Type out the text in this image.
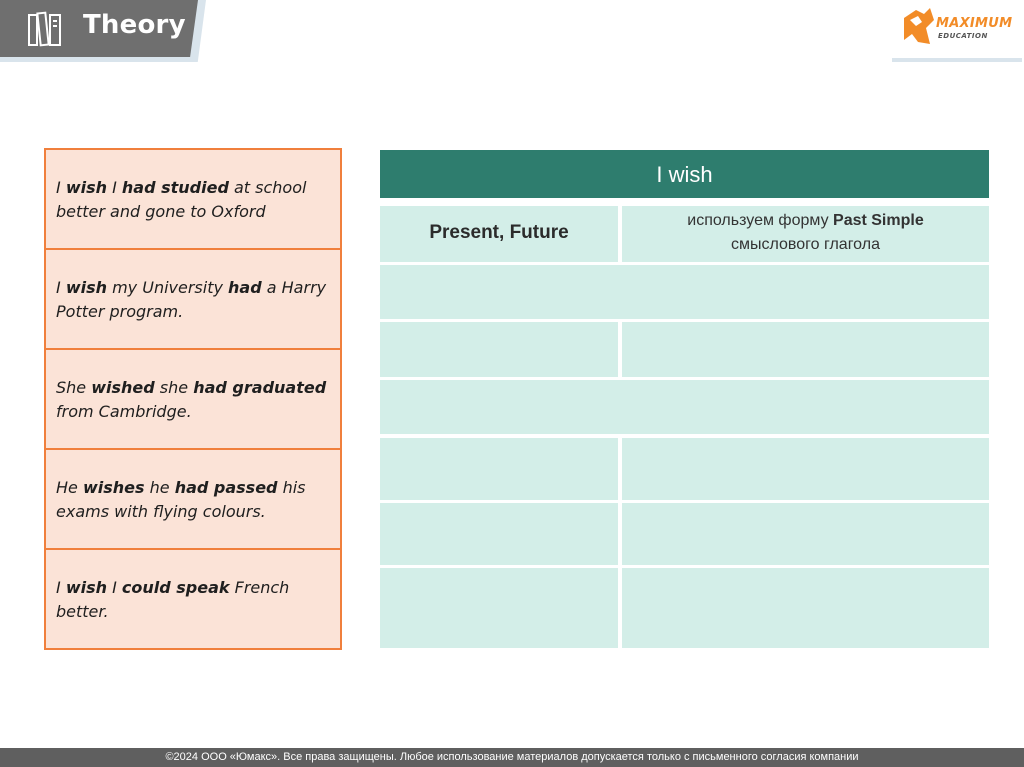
Theory	MAXIMUM
EDUCATION
I wish I had studied at school better and gone to Oxford
I wish my University had a Harry Potter program.
She wished she had graduated from Cambridge.
He wishes he had passed his exams with flying colours.
I wish I could speak French better.
I wish
Present, Future
используем форму Past Simple
смыслового глагола
©2024 ООО «Юмакс». Все права защищены. Любое использование материалов допускается только с письменного согласия компании
